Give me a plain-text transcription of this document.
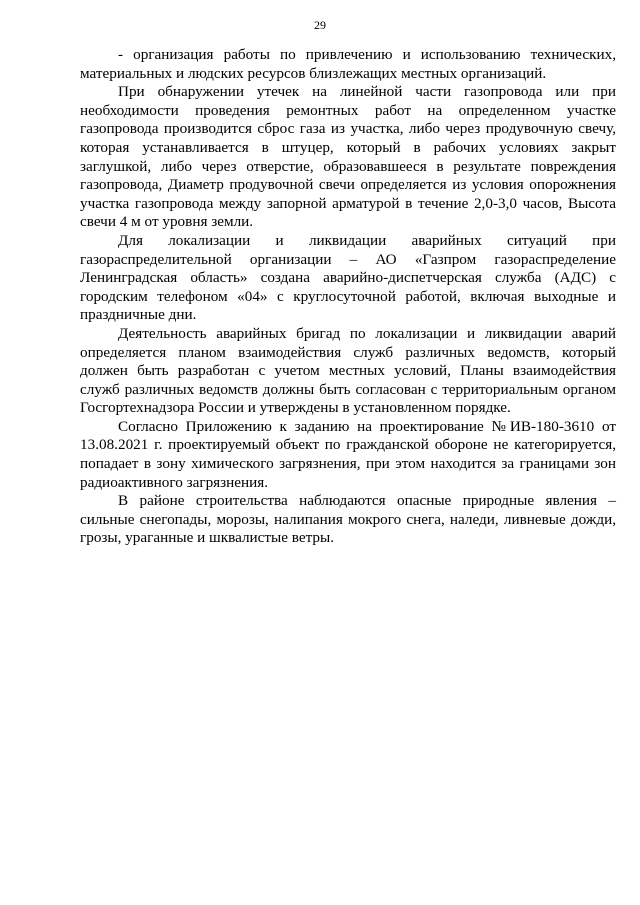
29

- организация работы по привлечению и использованию технических, материальных и людских ресурсов близлежащих местных организаций.

При обнаружении утечек на линейной части газопровода или при необходимости проведения ремонтных работ на определенном участке газопровода производится сброс газа из участка, либо через продувочную свечу, которая устанавливается в штуцер, который в рабочих условиях закрыт заглушкой, либо через отверстие, образовавшееся в результате повреждения газопровода, Диаметр продувочной свечи определяется из условия опорожнения участка газопровода между запорной арматурой в течение 2,0-3,0 часов, Высота свечи 4 м от уровня земли.

Для локализации и ликвидации аварийных ситуаций при газораспределительной организации – АО «Газпром газораспределение Ленинградская область» создана аварийно-диспетчерская служба (АДС) с городским телефоном «04» с круглосуточной работой, включая выходные и праздничные дни.

Деятельность аварийных бригад по локализации и ликвидации аварий определяется планом взаимодействия служб различных ведомств, который должен быть разработан с учетом местных условий, Планы взаимодействия служб различных ведомств должны быть согласован с территориальным органом Госгортехнадзора России и утверждены в установленном порядке.

Согласно Приложению к заданию на проектирование №ИВ-180-3610 от 13.08.2021 г. проектируемый объект по гражданской обороне не категорируется, попадает в зону химического загрязнения, при этом находится за границами зон радиоактивного загрязнения.

В районе строительства наблюдаются опасные природные явления – сильные снегопады, морозы, налипания мокрого снега, наледи, ливневые дожди, грозы, ураганные и шквалистые ветры.
